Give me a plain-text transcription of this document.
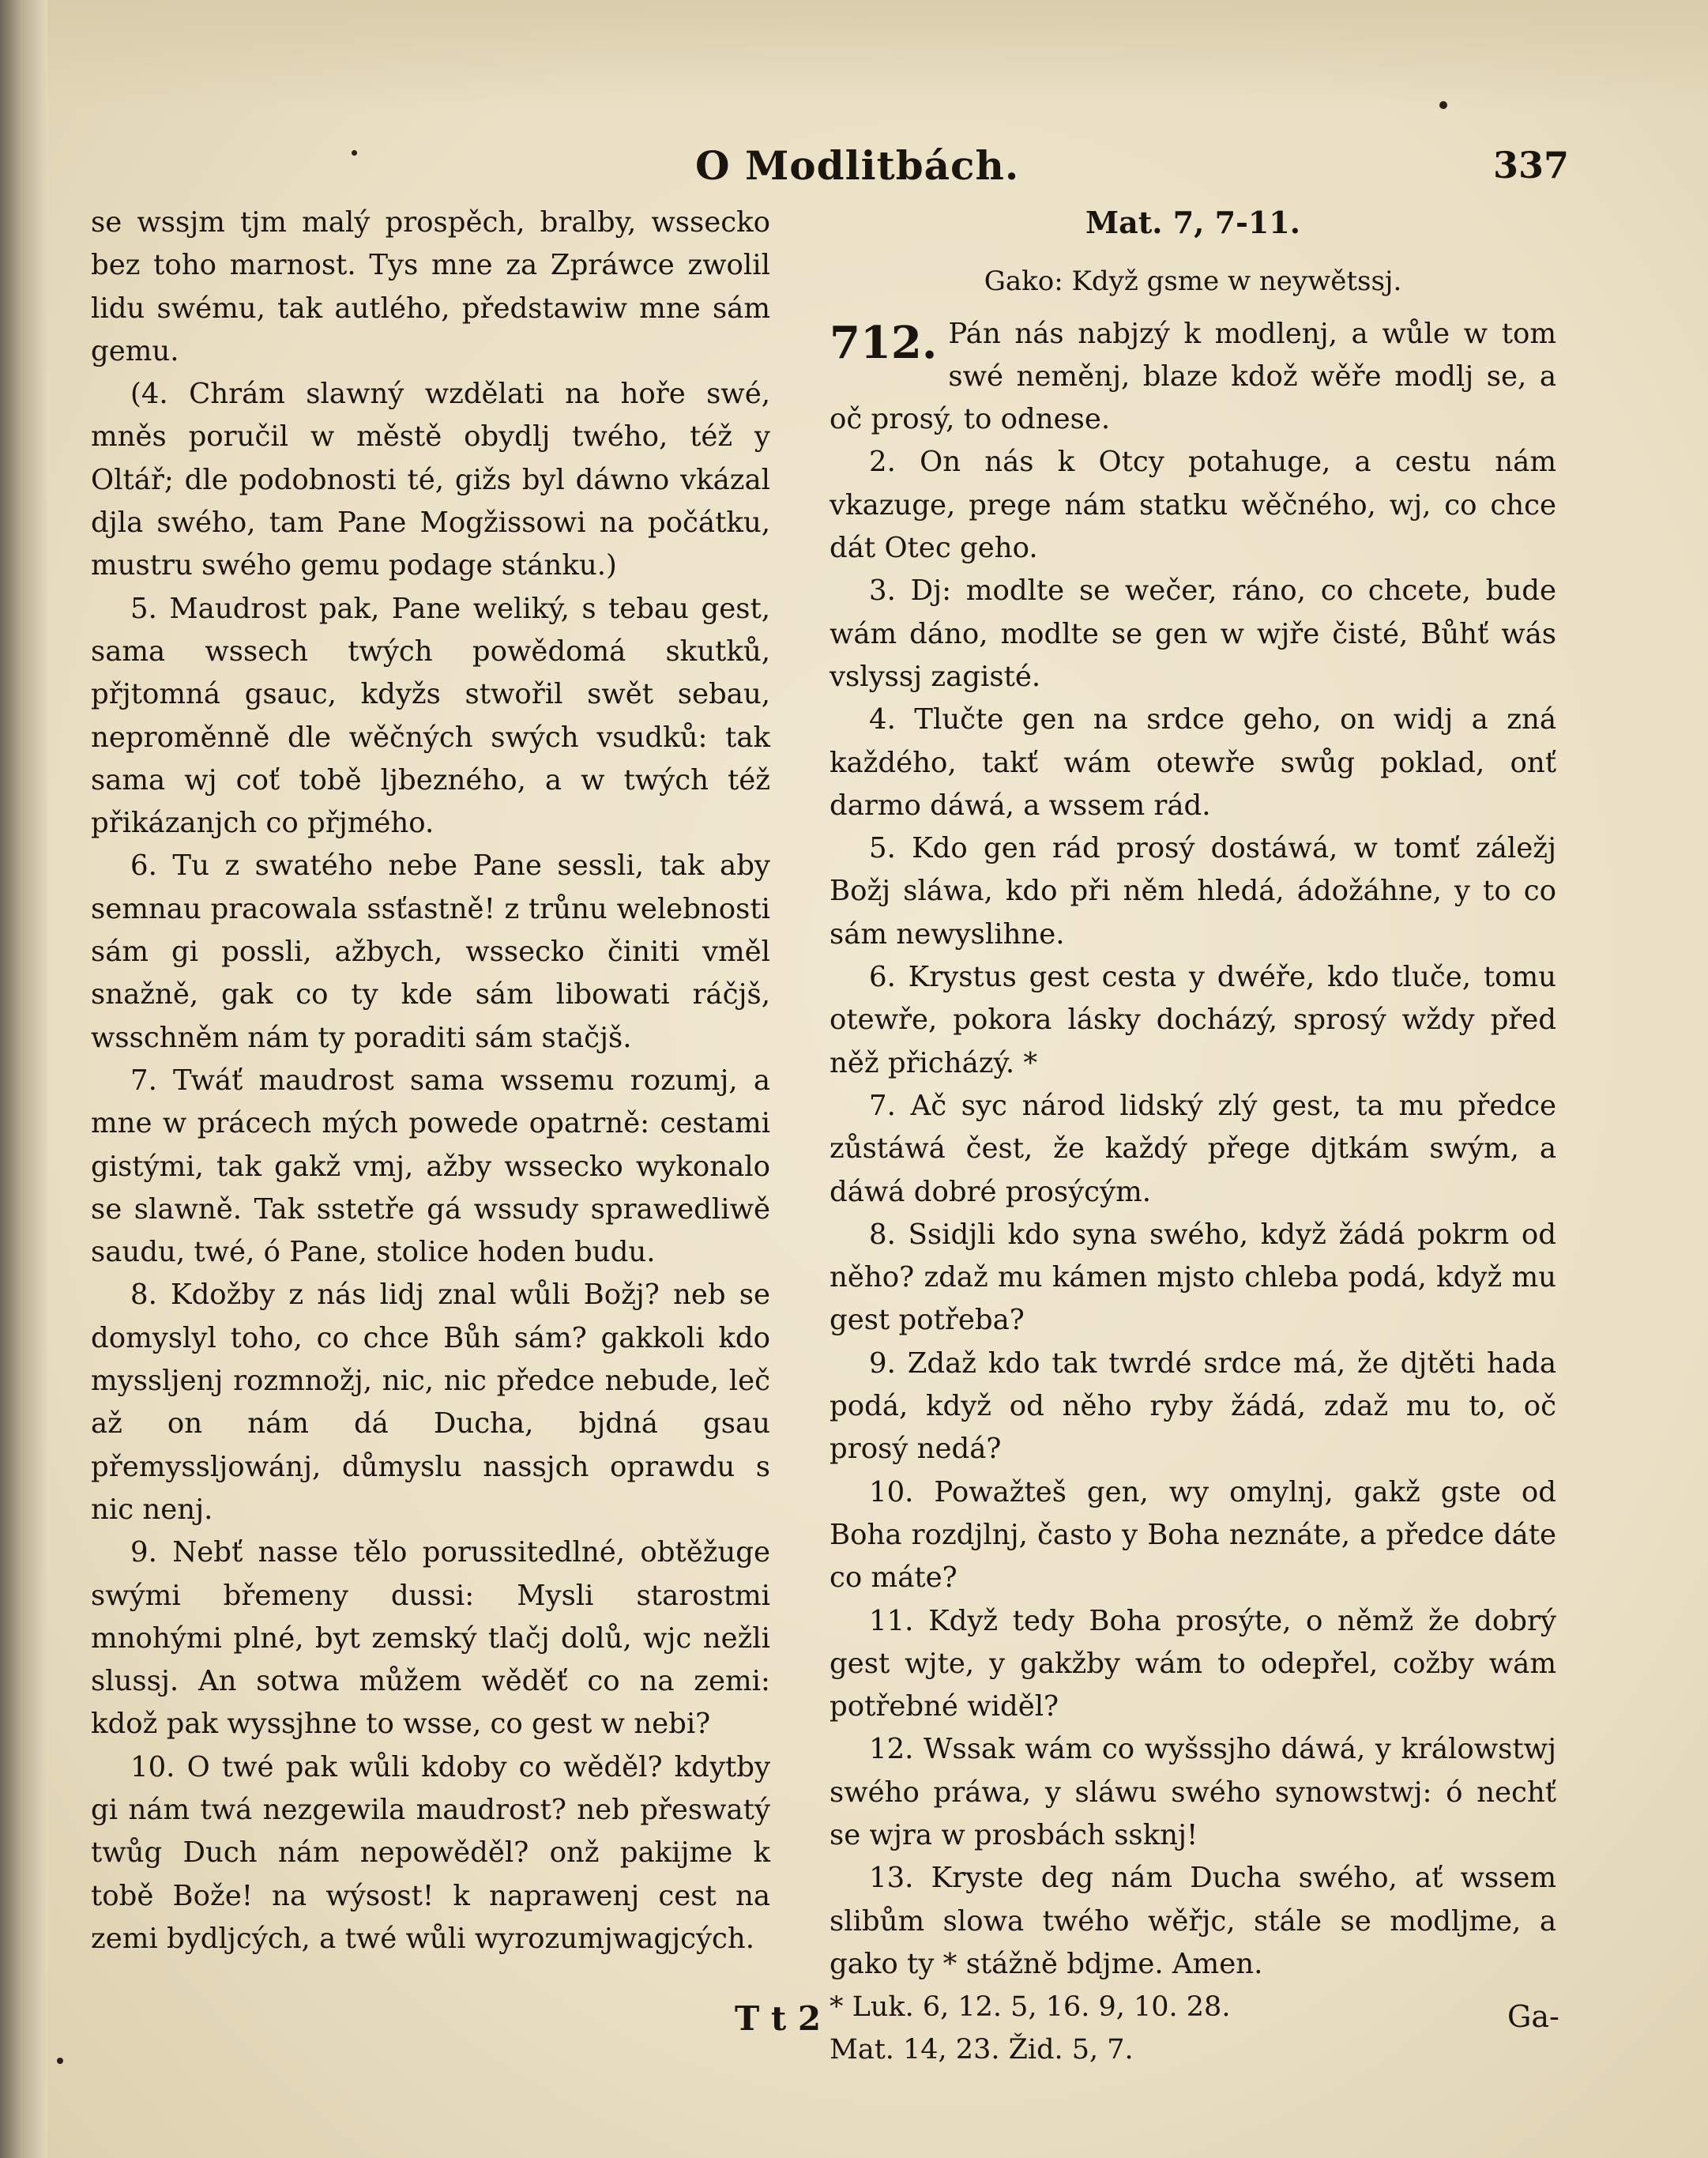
O Modlitbách.	337

se wssjm tjm malý prospěch, bralby, wssecko bez toho marnost. Tys mne za Zpráwce zwolil lidu swému, tak autlého, předstawiw mne sám gemu.

(4. Chrám slawný wzdělati na hoře swé, mněs poručil w městě obydlj twého, též y Oltář; dle podobnosti té, gižs byl dáwno vkázal djla swého, tam Pane Mogžissowi na počátku, mustru swého gemu podage stánku.)

5. Maudrost pak, Pane weliký, s tebau gest, sama wssech twých powědomá skutků, přjtomná gsauc, kdyžs stwořil swět sebau, neproměnně dle wěčných swých vsudků: tak sama wj coť tobě ljbezného, a w twých též přikázanjch co přjmého.

6. Tu z swatého nebe Pane sessli, tak aby semnau pracowala ssťastně! z trůnu welebnosti sám gi possli, ažbych, wssecko činiti vměl snažně, gak co ty kde sám libowati ráčjš, wsschněm nám ty poraditi sám stačjš.

7. Twáť maudrost sama wssemu rozumj, a mne w prácech mých powede opatrně: cestami gistými, tak gakž vmj, ažby wssecko wykonalo se slawně. Tak sstetře gá wssudy sprawedliwě saudu, twé, ó Pane, stolice hoden budu.

8. Kdožby z nás lidj znal wůli Božj? neb se domyslyl toho, co chce Bůh sám? gakkoli kdo myssljenj rozmnožj, nic, nic předce nebude, leč až on nám dá Ducha, bjdná gsau přemyssljowánj, důmyslu nassjch oprawdu s nic nenj.

9. Nebť nasse tělo porussitedlné, obtěžuge swými břemeny dussi: Mysli starostmi mnohými plné, byt zemský tlačj dolů, wjc nežli slussj. An sotwa můžem wěděť co na zemi: kdož pak wyssjhne to wsse, co gest w nebi?

10. O twé pak wůli kdoby co wěděl? kdytby gi nám twá nezgewila maudrost? neb přeswatý twůg Duch nám nepowěděl? onž pakijme k tobě Bože! na wýsost! k naprawenj cest na zemi bydljcých, a twé wůli wyrozumjwagjcých.

Mat. 7, 7-11.

Gako: Když gsme w neywětssj.

712. Pán nás nabjzý k modlenj, a wůle w tom swé neměnj, blaze kdož wěře modlj se, a oč prosý, to odnese.

2. On nás k Otcy potahuge, a cestu nám vkazuge, prege nám statku wěčného, wj, co chce dát Otec geho.

3. Dj: modlte se wečer, ráno, co chcete, bude wám dáno, modlte se gen w wjře čisté, Bůhť wás vslyssj zagisté.

4. Tlučte gen na srdce geho, on widj a zná každého, takť wám otewře swůg poklad, onť darmo dáwá, a wssem rád.

5. Kdo gen rád prosý dostáwá, w tomť záležj Božj sláwa, kdo při něm hledá, ádožáhne, y to co sám newyslihne.

6. Krystus gest cesta y dwéře, kdo tluče, tomu otewře, pokora lásky docházý, sprosý wždy před něž přicházý. *

7. Ač syc národ lidský zlý gest, ta mu předce zůstáwá čest, že každý přege djtkám swým, a dáwá dobré prosýcým.

8. Ssidjli kdo syna swého, když žádá pokrm od něho? zdaž mu kámen mjsto chleba podá, když mu gest potřeba?

9. Zdaž kdo tak twrdé srdce má, že djtěti hada podá, když od něho ryby žádá, zdaž mu to, oč prosý nedá?

10. Powažteš gen, wy omylnj, gakž gste od Boha rozdjlnj, často y Boha neznáte, a předce dáte co máte?

11. Když tedy Boha prosýte, o němž že dobrý gest wjte, y gakžby wám to odepřel, cožby wám potřebné widěl?

12. Wssak wám co wyšssjho dáwá, y králowstwj swého práwa, y sláwu swého synowstwj: ó nechť se wjra w prosbách ssknj!

13. Kryste deg nám Ducha swého, ať wssem slibům slowa twého wěřjc, stále se modljme, a gako ty * stážně bdjme. Amen.

* Luk. 6, 12. 5, 16. 9, 10. 28.

Mat. 14, 23. Žid. 5, 7.

T t 2	Ga-
